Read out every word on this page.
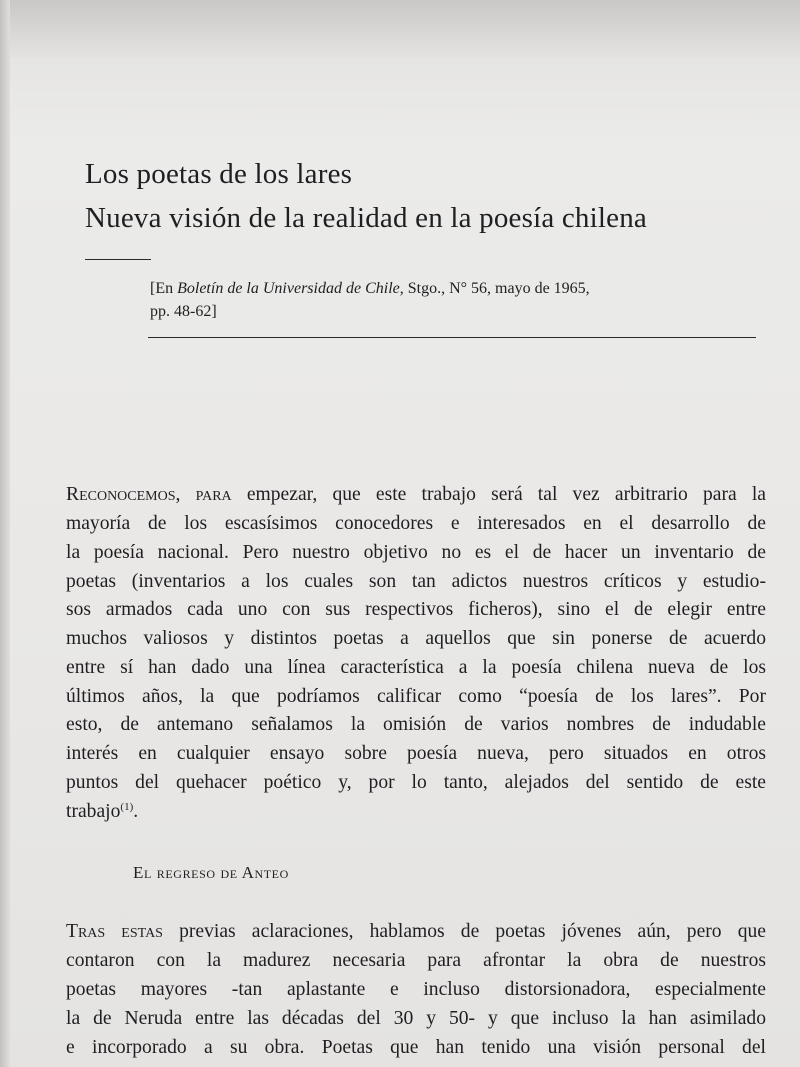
Los poetas de los lares
Nueva visión de la realidad en la poesía chilena

[En Boletín de la Universidad de Chile, Stgo., N° 56, mayo de 1965,
pp. 48-62]

Reconocemos, para empezar, que este trabajo será tal vez arbitrario para la

mayoría de los escasísimos conocedores e interesados en el desarrollo de

la poesía nacional. Pero nuestro objetivo no es el de hacer un inventario de

poetas (inventarios a los cuales son tan adictos nuestros críticos y estudio-

sos armados cada uno con sus respectivos ficheros), sino el de elegir entre

muchos valiosos y distintos poetas a aquellos que sin ponerse de acuerdo

entre sí han dado una línea característica a la poesía chilena nueva de los

últimos años, la que podríamos calificar como “poesía de los lares”. Por

esto, de antemano señalamos la omisión de varios nombres de indudable

interés en cualquier ensayo sobre poesía nueva, pero situados en otros

puntos del quehacer poético y, por lo tanto, alejados del sentido de este

trabajo$^{(1)}$.

El regreso de Anteo

Tras estas previas aclaraciones, hablamos de poetas jóvenes aún, pero que

contaron con la madurez necesaria para afrontar la obra de nuestros

poetas mayores -tan aplastante e incluso distorsionadora, especialmente

la de Neruda entre las décadas del 30 y 50- y que incluso la han asimilado

e incorporado a su obra. Poetas que han tenido una visión personal del
